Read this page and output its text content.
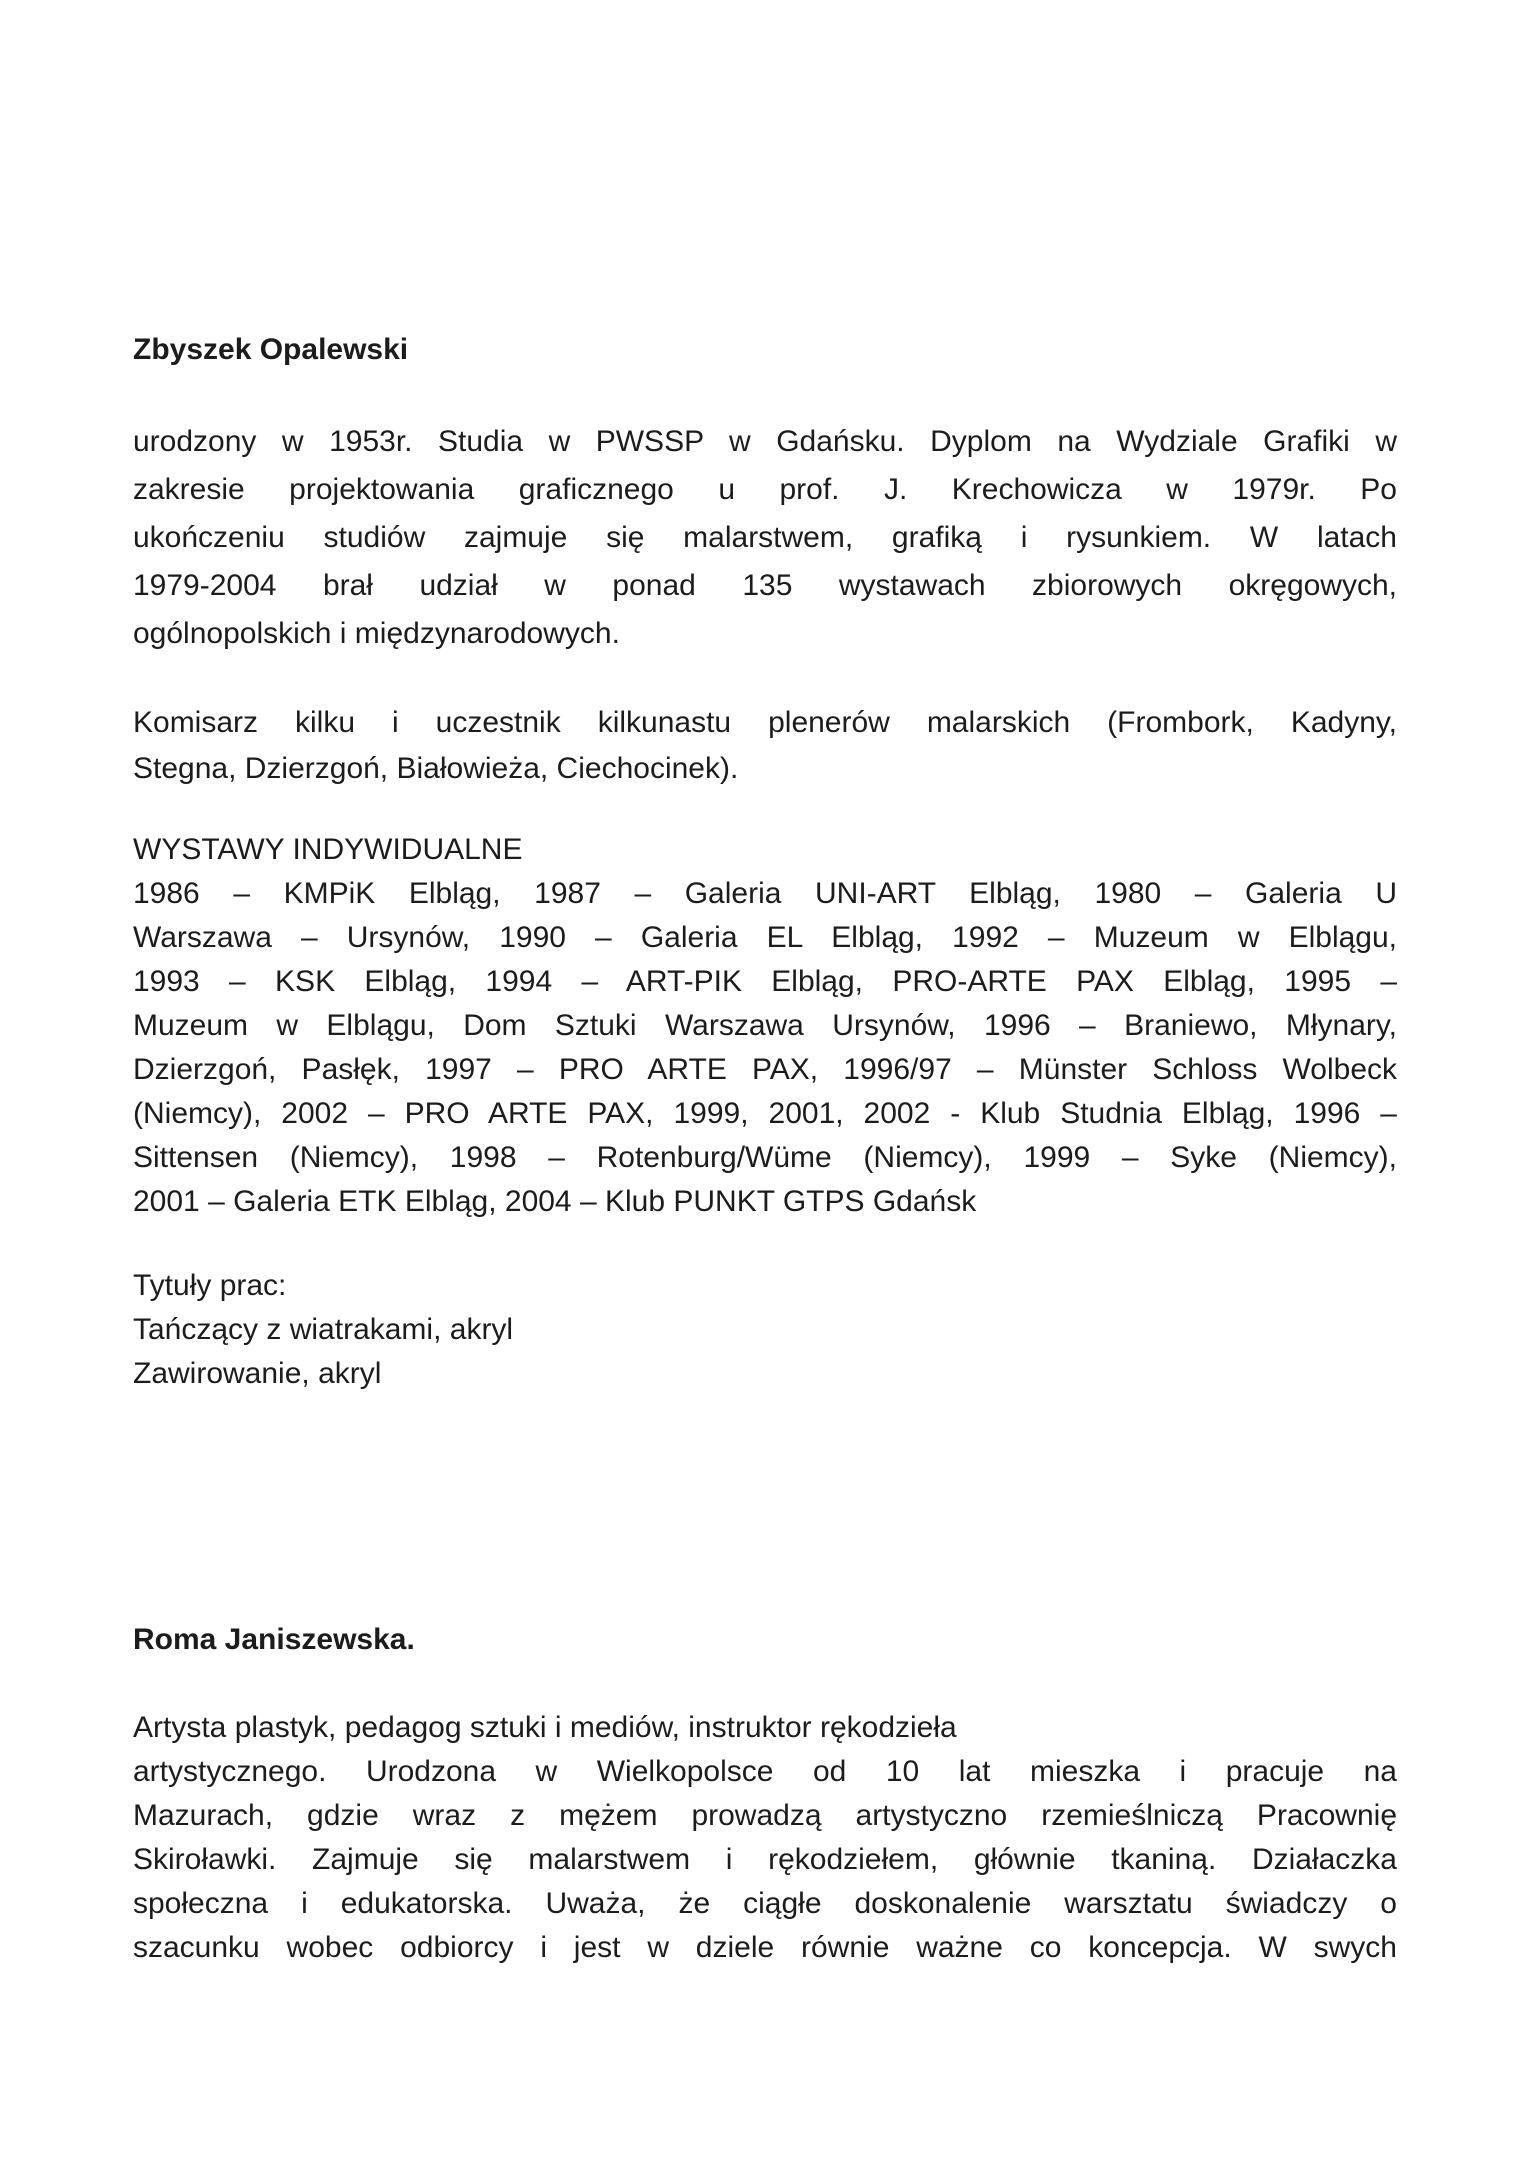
Zbyszek Opalewski
urodzony w 1953r. Studia w PWSSP w Gdańsku. Dyplom na Wydziale Grafiki w
zakresie projektowania graficznego u prof. J. Krechowicza w 1979r. Po
ukończeniu studiów zajmuje się malarstwem, grafiką i rysunkiem. W latach
1979-2004 brał udział w ponad 135 wystawach zbiorowych okręgowych,
ogólnopolskich i międzynarodowych.
Komisarz kilku i uczestnik kilkunastu plenerów malarskich (Frombork, Kadyny,
Stegna, Dzierzgoń, Białowieża, Ciechocinek).
WYSTAWY INDYWIDUALNE
1986 – KMPiK Elbląg, 1987 – Galeria UNI-ART Elbląg, 1980 – Galeria U
Warszawa – Ursynów, 1990 – Galeria EL Elbląg, 1992 – Muzeum w Elblągu,
1993 – KSK Elbląg, 1994 – ART-PIK Elbląg, PRO-ARTE PAX Elbląg, 1995 –
Muzeum w Elblągu, Dom Sztuki Warszawa Ursynów, 1996 – Braniewo, Młynary,
Dzierzgoń, Pasłęk, 1997 – PRO ARTE PAX, 1996/97 – Münster Schloss Wolbeck
(Niemcy), 2002 – PRO ARTE PAX, 1999, 2001, 2002 - Klub Studnia Elbląg, 1996 –
Sittensen (Niemcy), 1998 – Rotenburg/Wüme (Niemcy), 1999 – Syke (Niemcy),
2001 – Galeria ETK Elbląg, 2004 – Klub PUNKT GTPS Gdańsk
Tytuły prac:
Tańczący z wiatrakami, akryl
Zawirowanie, akryl
Roma Janiszewska.
Artysta plastyk, pedagog sztuki i mediów, instruktor rękodzieła
artystycznego. Urodzona w Wielkopolsce od 10 lat mieszka i pracuje na
Mazurach, gdzie wraz z mężem prowadzą artystyczno rzemieślniczą Pracownię
Skiroławki. Zajmuje się malarstwem i rękodziełem, głównie tkaniną. Działaczka
społeczna i edukatorska. Uważa, że ciągłe doskonalenie warsztatu świadczy o
szacunku wobec odbiorcy i jest w dziele równie ważne co koncepcja. W swych
